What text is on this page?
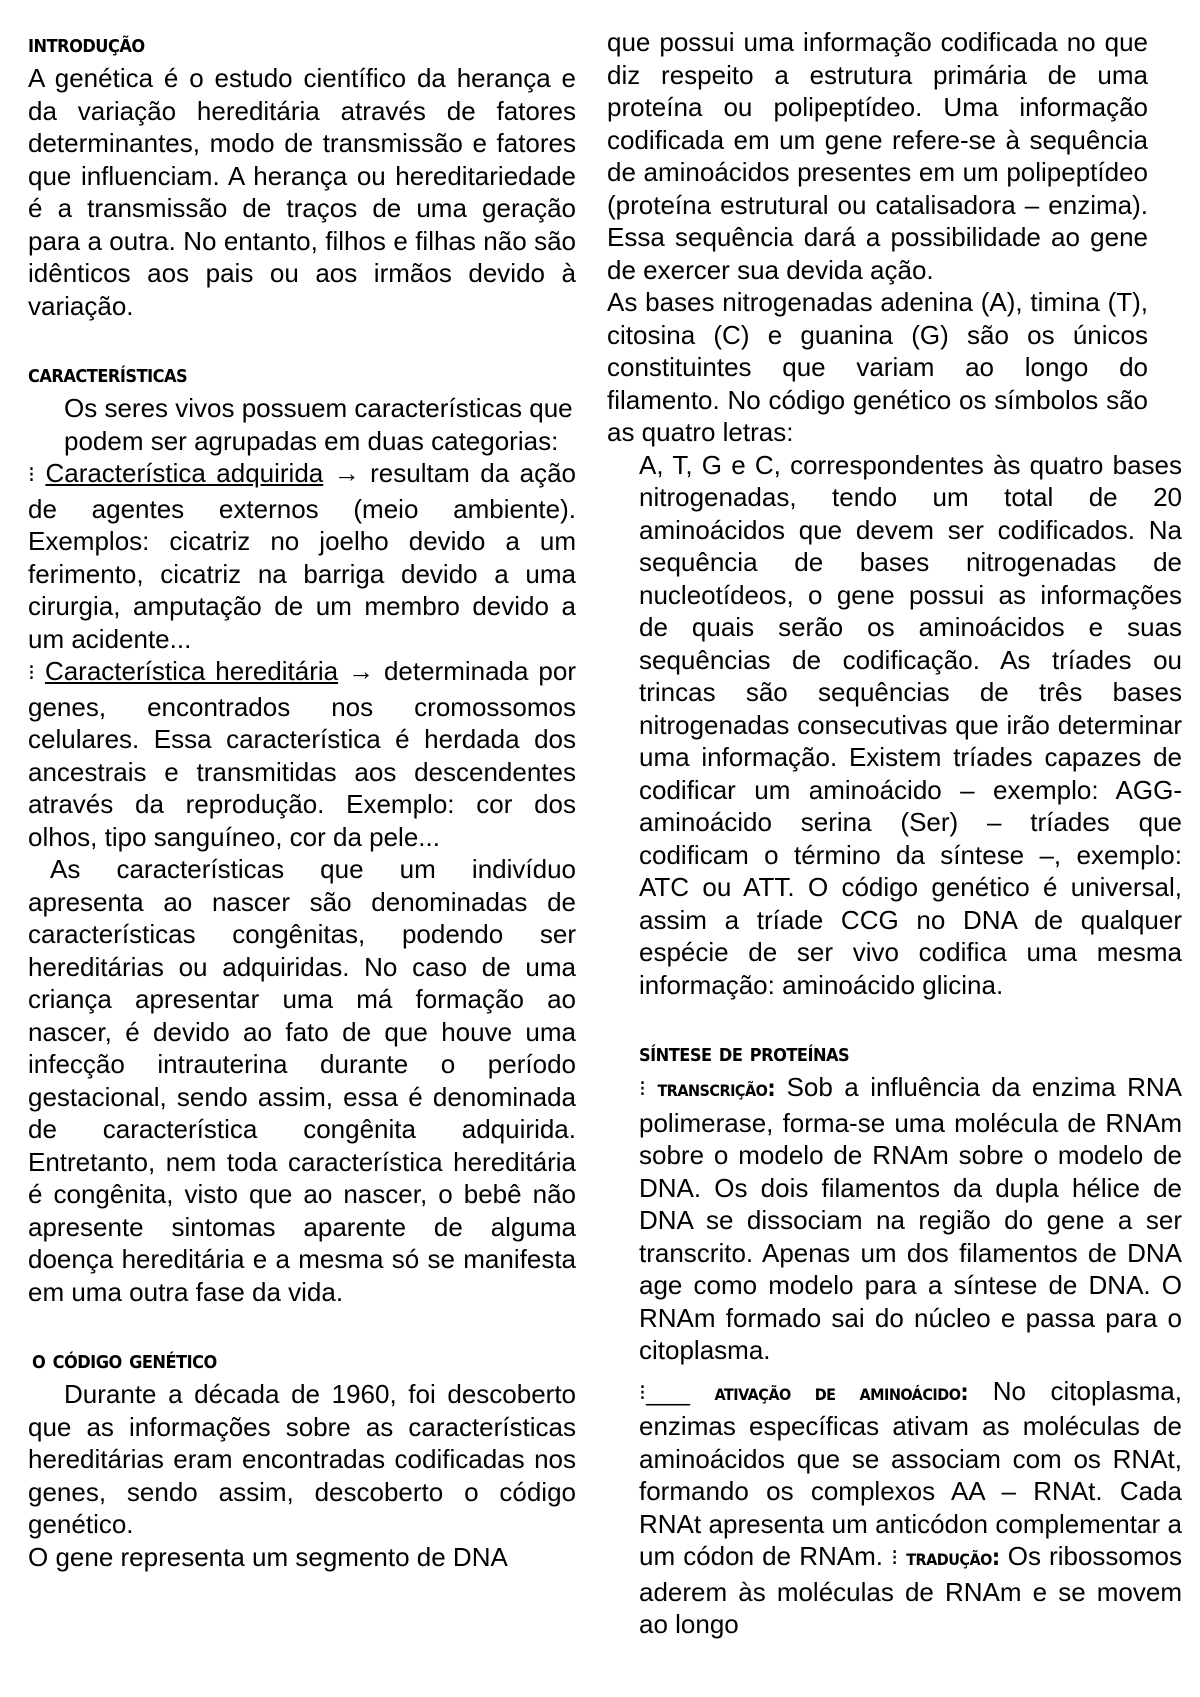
introdução

A genética é o estudo científico da herança e da variação hereditária através de fatores determinantes, modo de transmissão e fatores que influenciam. A herança ou hereditariedade é a transmissão de traços de uma geração para a outra. No entanto, filhos e filhas não são idênticos aos pais ou aos irmãos devido à variação.

características

Os seres vivos possuem características que podem ser agrupadas em duas categorias:

⁝ Característica adquirida → resultam da ação de agentes externos (meio ambiente). Exemplos: cicatriz no joelho devido a um ferimento, cicatriz na barriga devido a uma cirurgia, amputação de um membro devido a um acidente...

⁝ Característica hereditária → determinada por genes, encontrados nos cromossomos celulares. Essa característica é herdada dos ancestrais e transmitidas aos descendentes através da reprodução. Exemplo: cor dos olhos, tipo sanguíneo, cor da pele...

As características que um indivíduo apresenta ao nascer são denominadas de características congênitas, podendo ser hereditárias ou adquiridas. No caso de uma criança apresentar uma má formação ao nascer, é devido ao fato de que houve uma infecção intrauterina durante o período gestacional, sendo assim, essa é denominada de característica congênita adquirida. Entretanto, nem toda característica hereditária é congênita, visto que ao nascer, o bebê não apresente sintomas aparente de alguma doença hereditária e a mesma só se manifesta em uma outra fase da vida.

o código genético

Durante a década de 1960, foi descoberto que as informações sobre as características hereditárias eram encontradas codificadas nos genes, sendo assim, descoberto o código genético.

O gene representa um segmento de DNA

que possui uma informação codificada no que diz respeito a estrutura primária de uma proteína ou polipeptídeo. Uma informação codificada em um gene refere-se à sequência de aminoácidos presentes em um polipeptídeo (proteína estrutural ou catalisadora – enzima). Essa sequência dará a possibilidade ao gene de exercer sua devida ação.

As bases nitrogenadas adenina (A), timina (T), citosina (C) e guanina (G) são os únicos constituintes que variam ao longo do filamento. No código genético os símbolos são as quatro letras:

A, T, G e C, correspondentes às quatro bases nitrogenadas, tendo um total de 20 aminoácidos que devem ser codificados. Na sequência de bases nitrogenadas de nucleotídeos, o gene possui as informações de quais serão os aminoácidos e suas sequências de codificação. As tríades ou trincas são sequências de três bases nitrogenadas consecutivas que irão determinar uma informação. Existem tríades capazes de codificar um aminoácido – exemplo: AGG-aminoácido serina (Ser) – tríades que codificam o término da síntese –, exemplo: ATC ou ATT. O código genético é universal, assim a tríade CCG no DNA de qualquer espécie de ser vivo codifica uma mesma informação: aminoácido glicina.

síntese de proteínas

⁝ transcrição: Sob a influência da enzima RNA polimerase, forma-se uma molécula de RNAm sobre o modelo de RNAm sobre o modelo de DNA. Os dois filamentos da dupla hélice de DNA se dissociam na região do gene a ser transcrito. Apenas um dos filamentos de DNA age como modelo para a síntese de DNA. O RNAm formado sai do núcleo e passa para o citoplasma.

⁝____ ativação de aminoácido: No citoplasma, enzimas específicas ativam as moléculas de aminoácidos que se associam com os RNAt, formando os complexos AA – RNAt. Cada RNAt apresenta um anticódon complementar a um códon de RNAm. ⁝ tradução: Os ribossomos aderem às moléculas de RNAm e se movem ao longo
